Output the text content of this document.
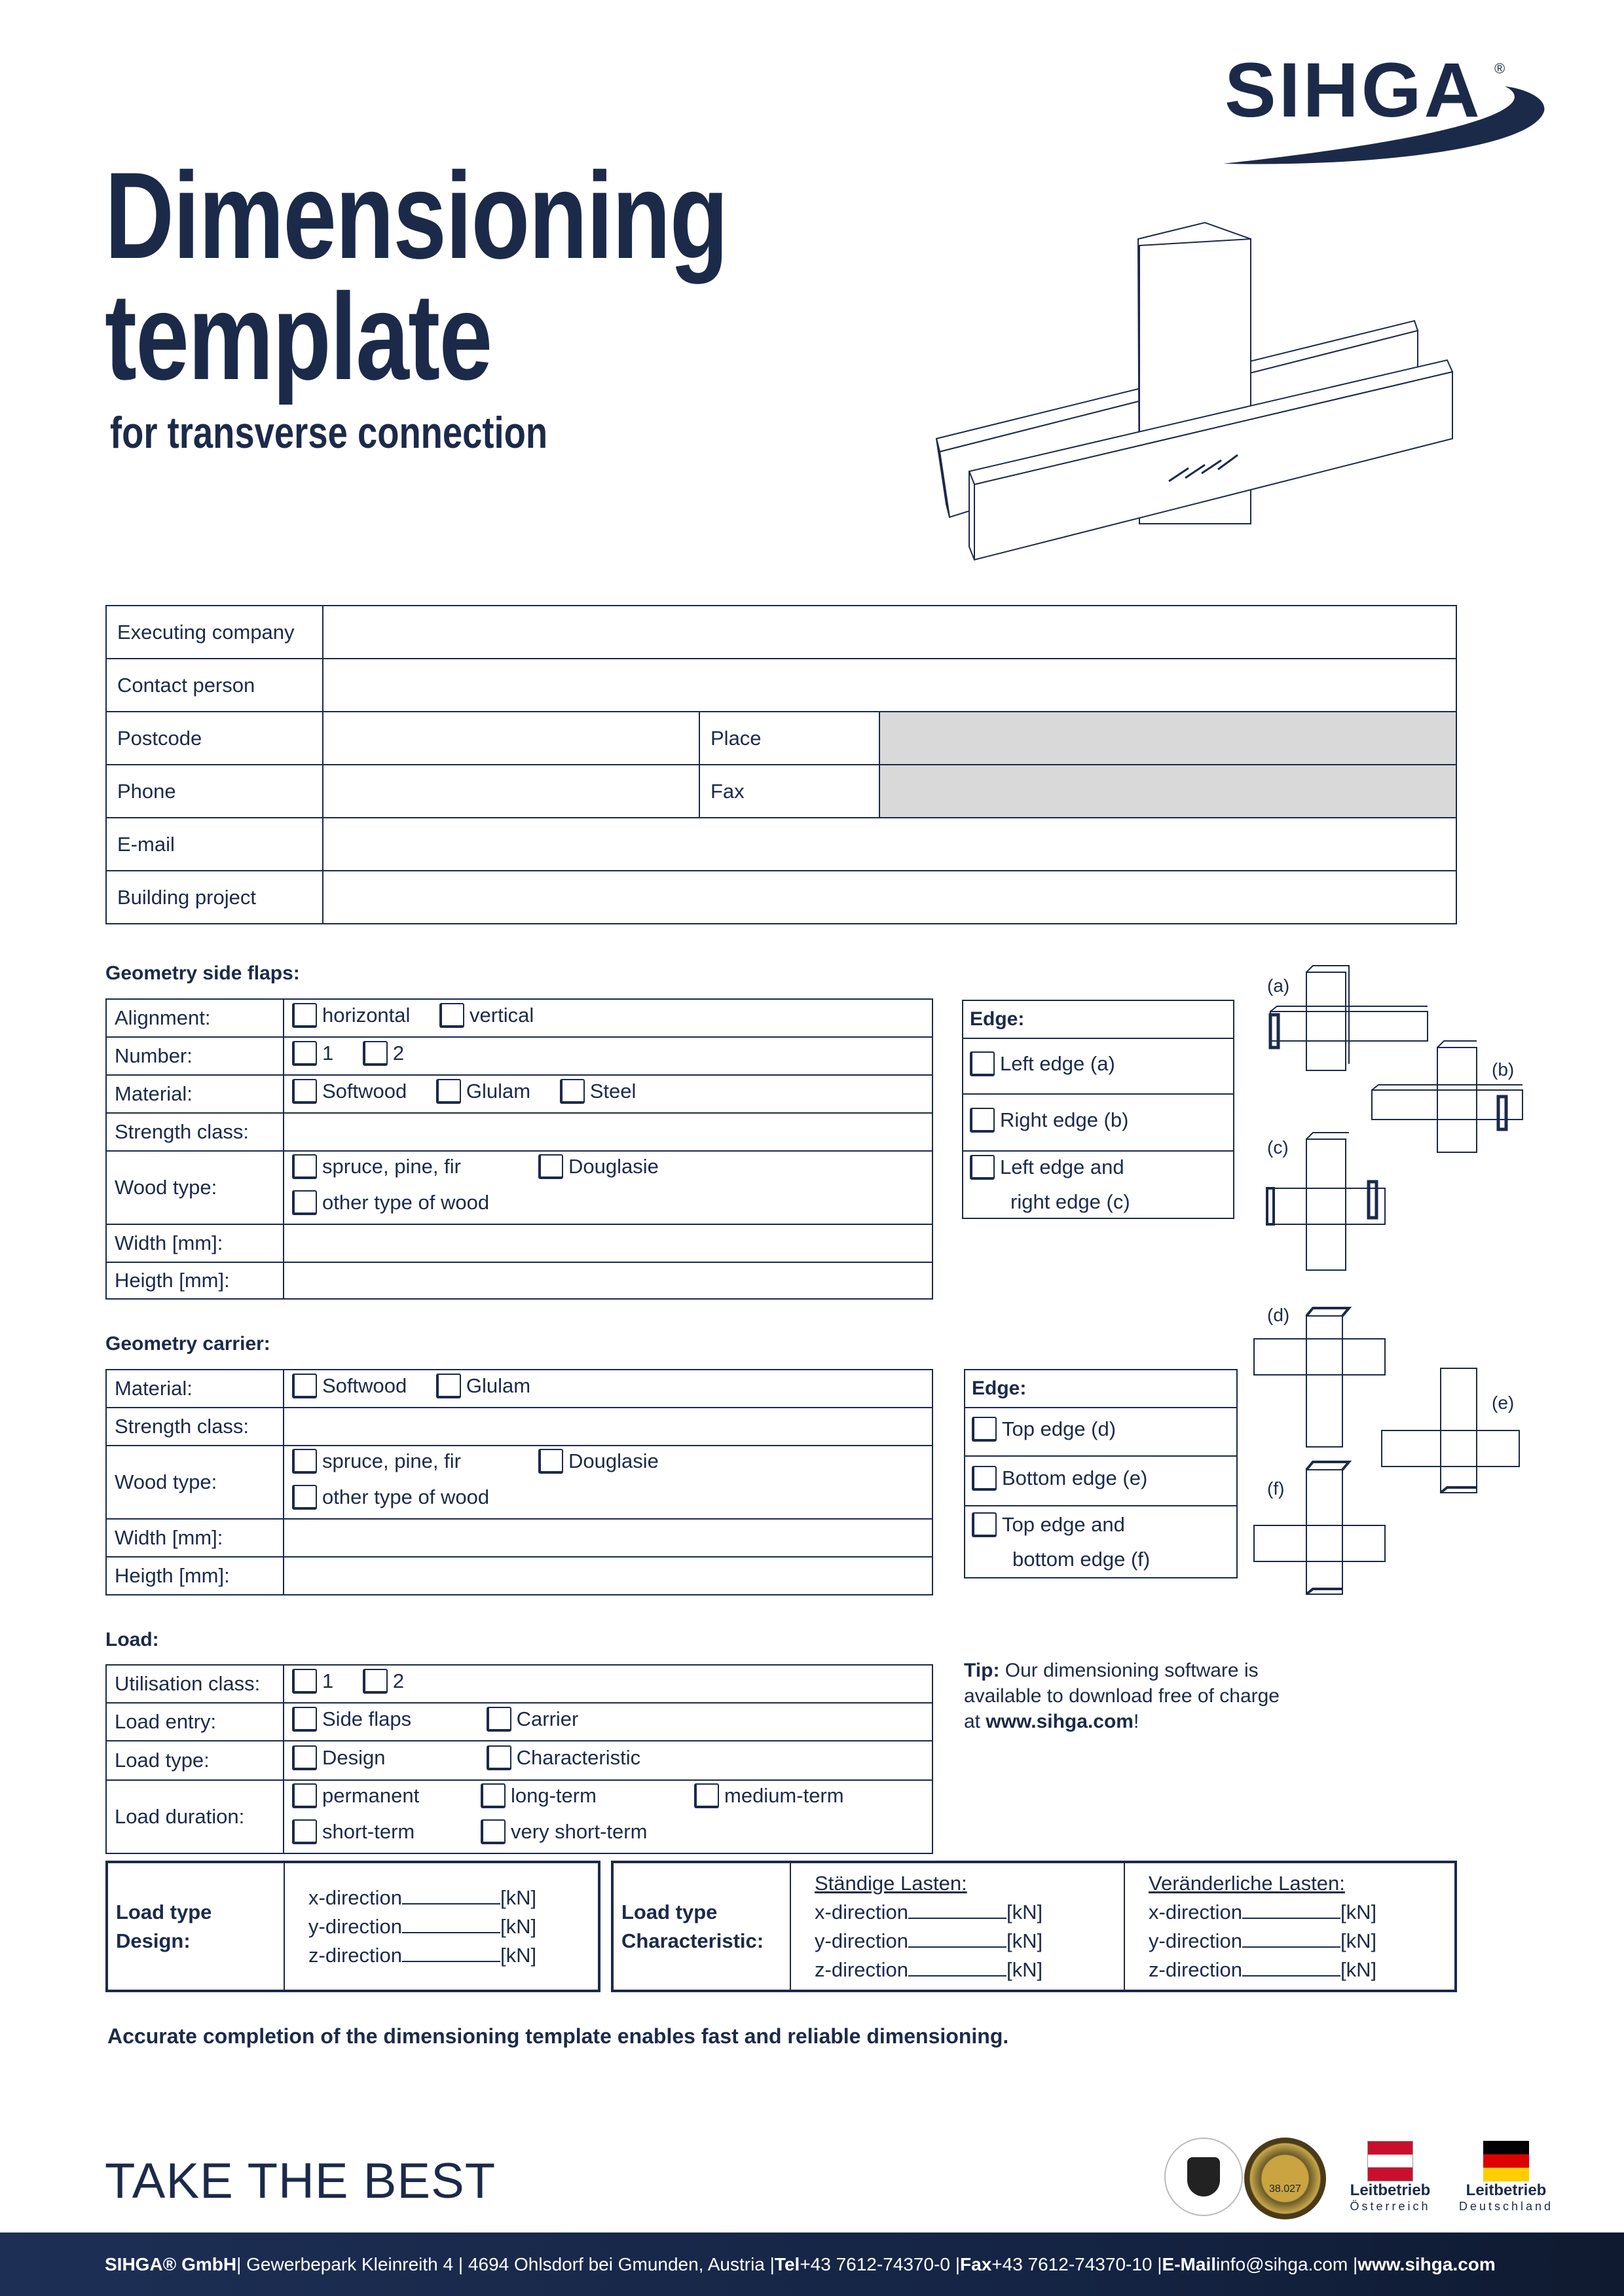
SIHGA ®
Dimensioning
template
for transverse connection
Executing company			
Contact person			
Postcode		Place	
Phone		Fax	
E-mail			
Building project			
Geometry side flaps:
Alignment:	horizontal
vertical

Number:	1
2

Material:	Softwood
Glulam
Steel

Strength class:	
Wood type:	spruce, pine, fir Douglasie

other type of wood

Width [mm]:	
Heigth [mm]:	
Edge:

Left edge (a)

Right edge (b)

Left edge and

right edge (c)
(a)
(b)
(c)
Geometry carrier:
Material:	Softwood
Glulam

Strength class:	
Wood type:	spruce, pine, fir Douglasie

other type of wood

Width [mm]:	
Heigth [mm]:	
Edge:

Top edge (d)

Bottom edge (e)

Top edge and

bottom edge (f)
(d)
(e)
(f)
Load:
Utilisation class:	1
2

Load entry:	Side flaps
Carrier

Load type:	Design
Characteristic

Load duration:	permanent long-term medium-term

short-term very short-term
Tip: Our dimensioning software is
available to download free of charge
at www.sihga.com!
Load type
Design:	
x-direction	[kN]
y-direction	[kN]
z-direction	[kN]
Load type
Characteristic:	
Ständige Lasten:
x-direction	[kN]
y-direction	[kN]
z-direction	[kN]

Veränderliche Lasten:
x-direction	[kN]
y-direction	[kN]
z-direction	[kN]
Accurate completion of the dimensioning template enables fast and reliable dimensioning.
TAKE THE BEST	38.027	Leitbetrieb
Österreich
Leitbetrieb
Deutschland
SIHGA® GmbH | Gewerbepark Kleinreith 4 | 4694 Ohlsdorf bei Gmunden, Austria | Tel +43 7612-74370-0 | Fax +43 7612-74370-10 | E-Mail info@sihga.com | www.sihga.com
